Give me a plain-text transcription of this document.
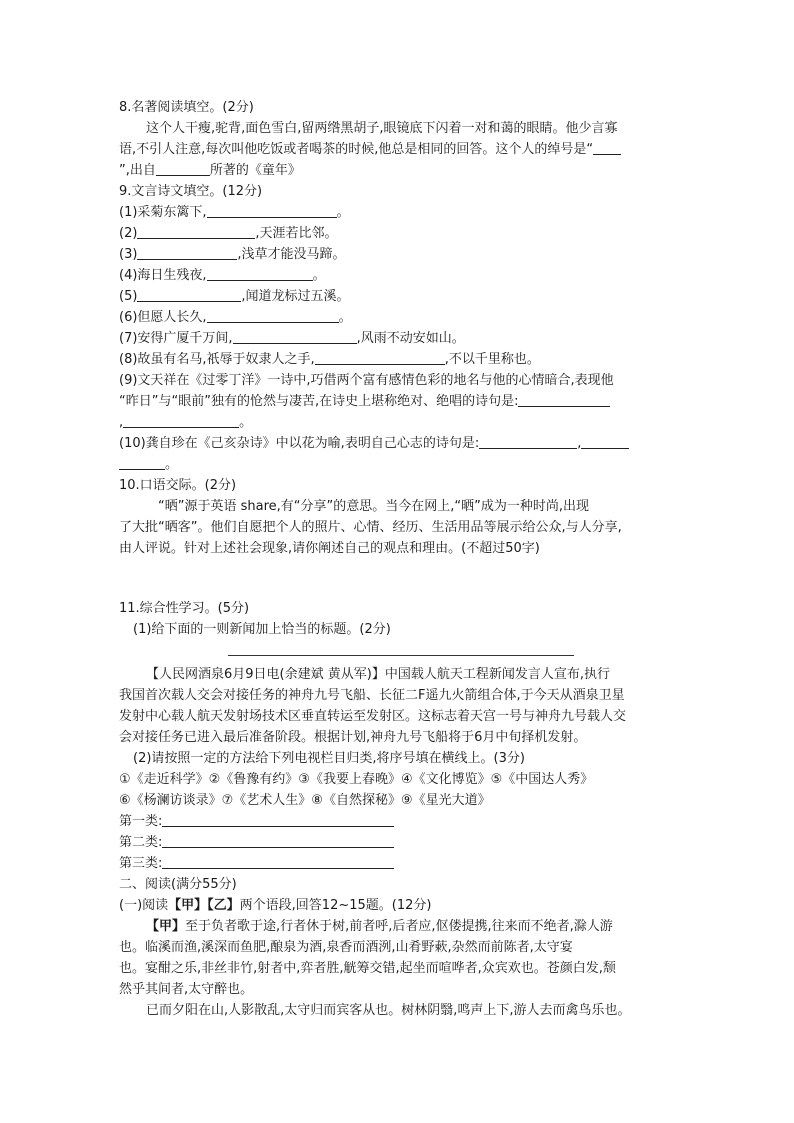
8.名著阅读填空。(2分)
这个人干瘦,驼背,面色雪白,留两绺黑胡子,眼镜底下闪着一对和蔼的眼睛。他少言寡
语,不引人注意,每次叫他吃饭或者喝茶的时候,他总是相同的回答。这个人的绰号是“
”,出自	所著的《童年》
9.文言诗文填空。(12分)
(1)采菊东篱下,	。
(2)	,天涯若比邻。
(3)	,浅草才能没马蹄。
(4)海日生残夜,	。
(5)	,闻道龙标过五溪。
(6)但愿人长久,	。
(7)安得广厦千万间,	,风雨不动安如山。
(8)故虽有名马,祇辱于奴隶人之手,	,不以千里称也。
(9)文天祥在《过零丁洋》一诗中,巧借两个富有感情色彩的地名与他的心情暗合,表现他
“昨日”与“眼前”独有的怆然与凄苦,在诗史上堪称绝对、绝唱的诗句是:
,	。
(10)龚自珍在《己亥杂诗》中以花为喻,表明自己心志的诗句是:	,
。
10.口语交际。(2分)
“晒”源于英语 share,有“分享”的意思。当今在网上,“晒”成为一种时尚,出现
了大批“晒客”。他们自愿把个人的照片、心情、经历、生活用品等展示给公众,与人分享,
由人评说。针对上述社会现象,请你阐述自己的观点和理由。(不超过50字)
11.综合性学习。(5分)
(1)给下面的一则新闻加上恰当的标题。(2分)
【人民网酒泉6月9日电(余建斌 黄从军)】中国载人航天工程新闻发言人宣布,执行
我国首次载人交会对接任务的神舟九号飞船、长征二F遥九火箭组合体,于今天从酒泉卫星
发射中心载人航天发射场技术区垂直转运至发射区。这标志着天宫一号与神舟九号载人交
会对接任务已进入最后准备阶段。根据计划,神舟九号飞船将于6月中旬择机发射。
(2)请按照一定的方法给下列电视栏目归类,将序号填在横线上。(3分)
①《走近科学》②《鲁豫有约》③《我要上春晚》④《文化博览》⑤《中国达人秀》
⑥《杨澜访谈录》⑦《艺术人生》⑧《自然探秘》⑨《星光大道》
第一类:
第二类:
第三类:
二、阅读(满分55分)
(一)阅读【甲】【乙】两个语段,回答12~15题。(12分)
【甲】至于负者歌于途,行者休于树,前者呼,后者应,伛偻提携,往来而不绝者,滁人游
也。临溪而渔,溪深而鱼肥,酿泉为酒,泉香而酒洌,山肴野蔌,杂然而前陈者,太守宴
也。宴酣之乐,非丝非竹,射者中,弈者胜,觥筹交错,起坐而喧哗者,众宾欢也。苍颜白发,颓
然乎其间者,太守醉也。
已而夕阳在山,人影散乱,太守归而宾客从也。树林阴翳,鸣声上下,游人去而禽鸟乐也。
